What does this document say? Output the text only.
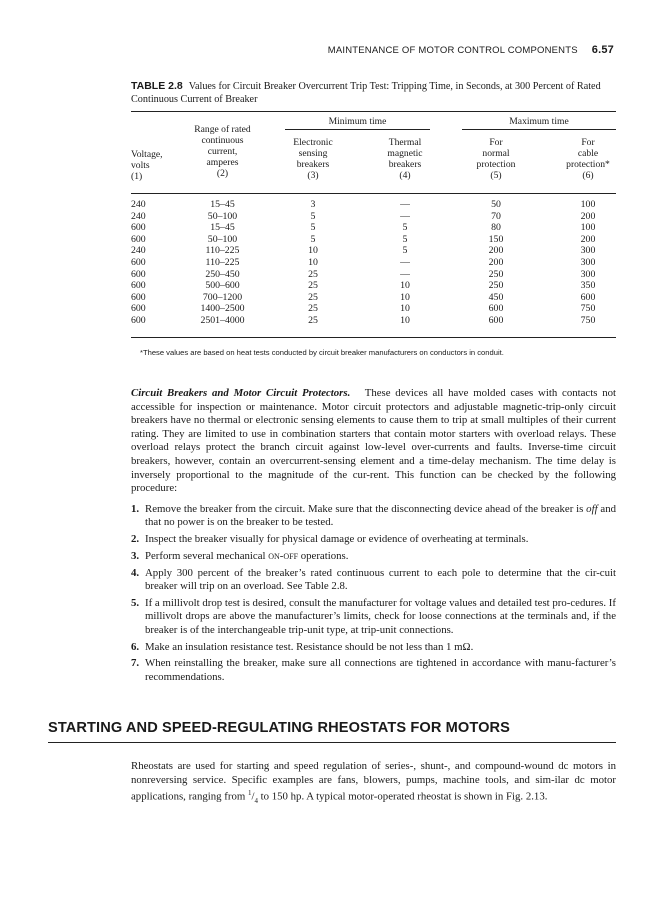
MAINTENANCE OF MOTOR CONTROL COMPONENTS 6.57
TABLE 2.8 Values for Circuit Breaker Overcurrent Trip Test: Tripping Time, in Seconds, at 300 Percent of Rated Continuous Current of Breaker
Minimum time	Maximum time
Voltage,
volts
(1)
Range of rated
continuous
current,
amperes
(2)
Electronic
sensing
breakers
(3)
Thermal
magnetic
breakers
(4)
For
normal
protection
(5)
For
cable
protection*
(6)
240	15–45	3	—	50	100
240	50–100	5	—	70	200
600	15–45	5	5	80	100
600	50–100	5	5	150	200
240	110–225	10	5	200	300
600	110–225	10	—	200	300
600	250–450	25	—	250	300
600	500–600	25	10	250	350
600	700–1200	25	10	450	600
600	1400–2500	25	10	600	750
600	2501–4000	25	10	600	750
*These values are based on heat tests conducted by circuit breaker manufacturers on conductors in conduit.
Circuit Breakers and Motor Circuit Protectors. These devices all have molded cases with contacts not accessible for inspection or maintenance. Motor circuit protectors and adjustable magnetic-trip-only circuit breakers have no thermal or electronic sensing elements to cause them to trip at small multiples of their current rating. They are limited to use in combination starters that contain motor starters with overload relays. These overload relays protect the branch circuit against low-level over-currents and faults. Inverse-time circuit breakers, however, contain an overcurrent-sensing element and a time-delay mechanism. The time delay is inversely proportional to the magnitude of the cur-rent. This function can be checked by the following procedure:
1. Remove the breaker from the circuit. Make sure that the disconnecting device ahead of the breaker is off and that no power is on the breaker to be tested.
2. Inspect the breaker visually for physical damage or evidence of overheating at terminals.
3. Perform several mechanical on-off operations.
4. Apply 300 percent of the breaker’s rated continuous current to each pole to determine that the cir-cuit breaker will trip on an overload. See Table 2.8.
5. If a millivolt drop test is desired, consult the manufacturer for voltage values and detailed test pro-cedures. If millivolt drops are above the manufacturer’s limits, check for loose connections at the terminals and, if the breaker is of the interchangeable trip-unit type, at trip-unit connections.
6. Make an insulation resistance test. Resistance should be not less than 1 mΩ.
7. When reinstalling the breaker, make sure all connections are tightened in accordance with manu-facturer’s recommendations.
STARTING AND SPEED-REGULATING RHEOSTATS FOR MOTORS
Rheostats are used for starting and speed regulation of series-, shunt-, and compound-wound dc motors in nonreversing service. Specific examples are fans, blowers, pumps, machine tools, and sim-ilar dc motor applications, ranging from $^1/_4$ to 150 hp. A typical motor-operated rheostat is shown in Fig. 2.13.
